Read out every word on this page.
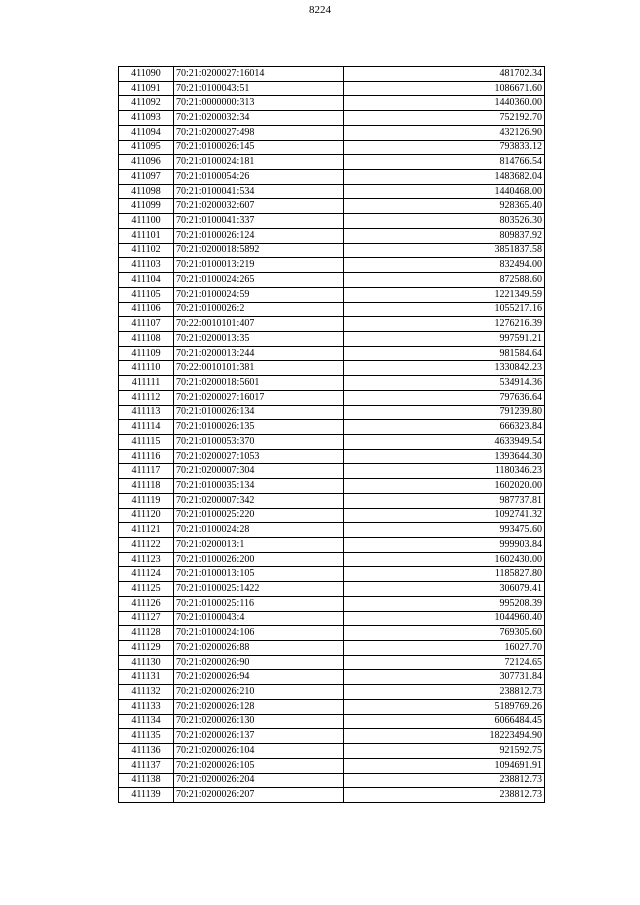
8224
411090	70:21:0200027:16014	481702.34
411091	70:21:0100043:51	1086671.60
411092	70:21:0000000:313	1440360.00
411093	70:21:0200032:34	752192.70
411094	70:21:0200027:498	432126.90
411095	70:21:0100026:145	793833.12
411096	70:21:0100024:181	814766.54
411097	70:21:0100054:26	1483682.04
411098	70:21:0100041:534	1440468.00
411099	70:21:0200032:607	928365.40
411100	70:21:0100041:337	803526.30
411101	70:21:0100026:124	809837.92
411102	70:21:0200018:5892	3851837.58
411103	70:21:0100013:219	832494.00
411104	70:21:0100024:265	872588.60
411105	70:21:0100024:59	1221349.59
411106	70:21:0100026:2	1055217.16
411107	70:22:0010101:407	1276216.39
411108	70:21:0200013:35	997591.21
411109	70:21:0200013:244	981584.64
411110	70:22:0010101:381	1330842.23
411111	70:21:0200018:5601	534914.36
411112	70:21:0200027:16017	797636.64
411113	70:21:0100026:134	791239.80
411114	70:21:0100026:135	666323.84
411115	70:21:0100053:370	4633949.54
411116	70:21:0200027:1053	1393644.30
411117	70:21:0200007:304	1180346.23
411118	70:21:0100035:134	1602020.00
411119	70:21:0200007:342	987737.81
411120	70:21:0100025:220	1092741.32
411121	70:21:0100024:28	993475.60
411122	70:21:0200013:1	999903.84
411123	70:21:0100026:200	1602430.00
411124	70:21:0100013:105	1185827.80
411125	70:21:0100025:1422	306079.41
411126	70:21:0100025:116	995208.39
411127	70:21:0100043:4	1044960.40
411128	70:21:0100024:106	769305.60
411129	70:21:0200026:88	16027.70
411130	70:21:0200026:90	72124.65
411131	70:21:0200026:94	307731.84
411132	70:21:0200026:210	238812.73
411133	70:21:0200026:128	5189769.26
411134	70:21:0200026:130	6066484.45
411135	70:21:0200026:137	18223494.90
411136	70:21:0200026:104	921592.75
411137	70:21:0200026:105	1094691.91
411138	70:21:0200026:204	238812.73
411139	70:21:0200026:207	238812.73
